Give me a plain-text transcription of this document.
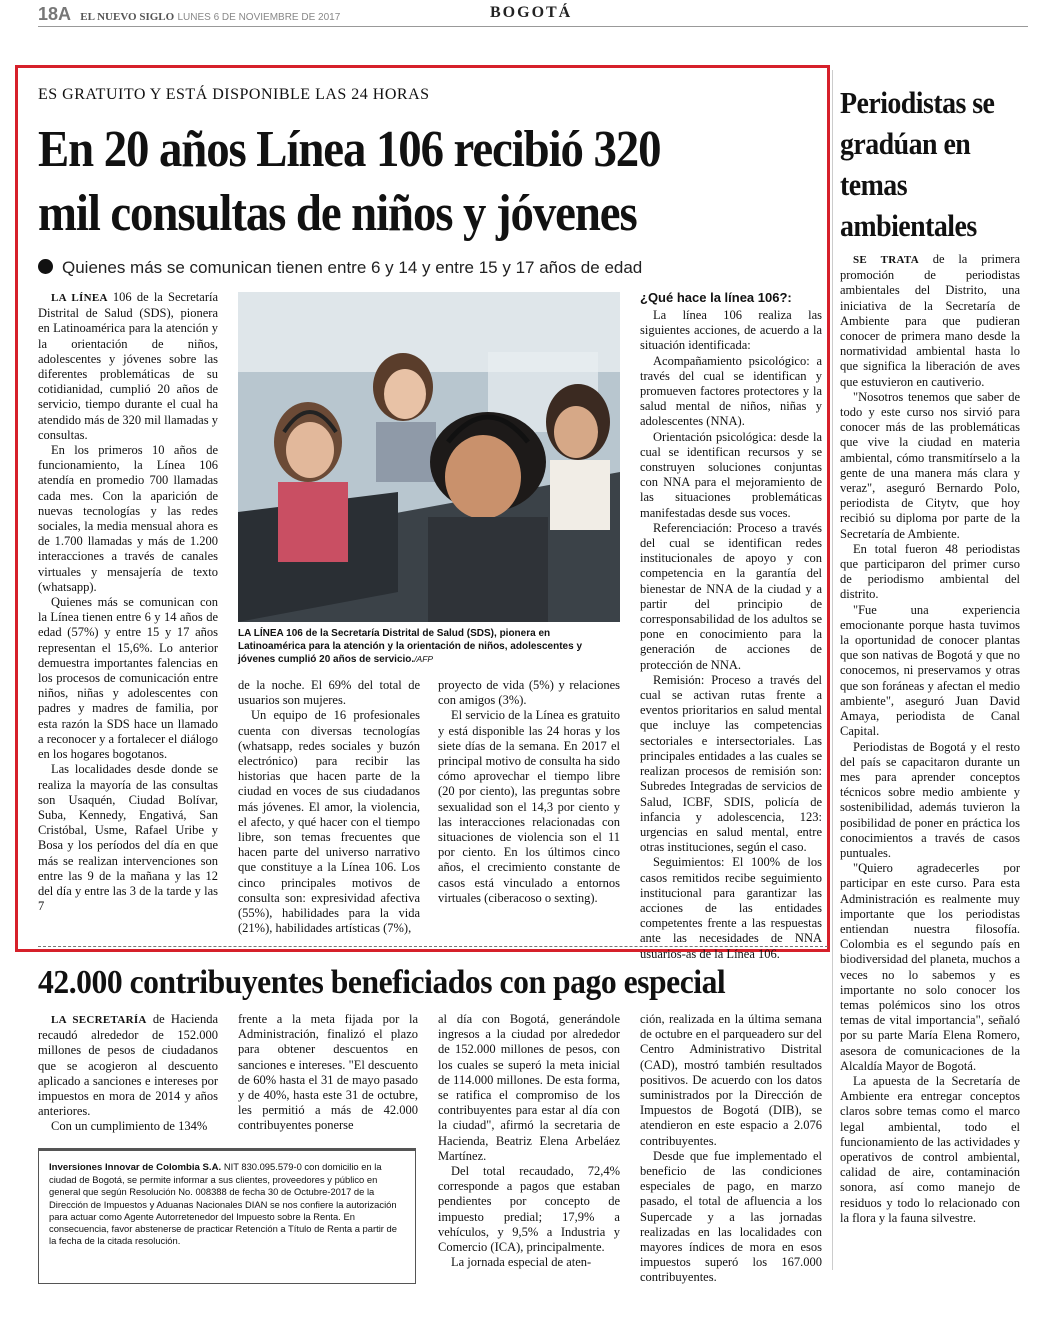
18A EL NUEVO SIGLO LUNES 6 DE NOVIEMBRE DE 2017	BOGOTÁ
ES GRATUITO Y ESTÁ DISPONIBLE LAS 24 HORAS
En 20 años Línea 106 recibió 320
mil consultas de niños y jóvenes
Quienes más se comunican tienen entre 6 y 14 y entre 15 y 17 años de edad

LA LÍNEA 106 de la Secretaría Distrital de Salud (SDS), pionera en Latinoamérica para la atención y la orientación de niños, adolescentes y jóvenes sobre las diferentes problemáticas de su cotidianidad, cumplió 20 años de servicio, tiempo durante el cual ha atendido más de 320 mil llamadas y consultas.

En los primeros 10 años de funcionamiento, la Línea 106 atendía en promedio 700 llamadas cada mes. Con la aparición de nuevas tecnologías y las redes sociales, la media mensual ahora es de 1.700 llamadas y más de 1.200 interacciones a través de canales virtuales y mensajería de texto (whatsapp).

Quienes más se comunican con la Línea tienen entre 6 y 14 años de edad (57%) y entre 15 y 17 años representan el 15,6%. Lo anterior demuestra importantes falencias en los procesos de comunicación entre niños, niñas y adolescentes con padres y madres de familia, por esta razón la SDS hace un llamado a reconocer y a fortalecer el diálogo en los hogares bogotanos.

Las localidades desde donde se realiza la mayoría de las consultas son Usaquén, Ciudad Bolívar, Suba, Kennedy, Engativá, San Cristóbal, Usme, Rafael Uribe y Bosa y los períodos del día en que más se realizan intervenciones son entre las 9 de la mañana y las 12 del día y entre las 3 de la tarde y las 7

LA LÍNEA 106 de la Secretaría Distrital de Salud (SDS), pionera en Latinoamérica para la atención y la orientación de niños, adolescentes y jóvenes cumplió 20 años de servicio./AFP

de la noche. El 69% del total de usuarios son mujeres.

Un equipo de 16 profesionales cuenta con diversas tecnologías (whatsapp, redes sociales y buzón electrónico) para recibir las historias que hacen parte de la ciudad en voces de sus ciudadanos más jóvenes. El amor, la violencia, el afecto, y qué hacer con el tiempo libre, son temas frecuentes que hacen parte del universo narrativo que constituye a la Línea 106. Los cinco principales motivos de consulta son: expresividad afectiva (55%), habilidades para la vida (21%), habilidades artísticas (7%),

proyecto de vida (5%) y relaciones con amigos (3%).

El servicio de la Línea es gratuito y está disponible las 24 horas y los siete días de la semana. En 2017 el principal motivo de consulta ha sido cómo aprovechar el tiempo libre (20 por ciento), las preguntas sobre sexualidad son el 14,3 por ciento y las interacciones relacionadas con situaciones de violencia son el 11 por ciento. En los últimos cinco años, el crecimiento constante de casos está vinculado a entornos virtuales (ciberacoso o sexting).

¿Qué hace la línea 106?:

La línea 106 realiza las siguientes acciones, de acuerdo a la situación identificada:

Acompañamiento psicológico: a través del cual se identifican y promueven factores protectores y la salud mental de niños, niñas y adolescentes (NNA).

Orientación psicológica: desde la cual se identifican recursos y se construyen soluciones conjuntas con NNA para el mejoramiento de las situaciones problemáticas manifestadas desde sus voces.

Referenciación: Proceso a través del cual se identifican redes institucionales de apoyo y con competencia en la garantía del bienestar de NNA de la ciudad y a partir del principio de corresponsabilidad de los adultos se pone en conocimiento para la generación de acciones de protección de NNA.

Remisión: Proceso a través del cual se activan rutas frente a eventos prioritarios en salud mental que incluye las competencias sectoriales e intersectoriales. Las principales entidades a las cuales se realizan procesos de remisión son: Subredes Integradas de servicios de Salud, ICBF, SDIS, policía de infancia y adolescencia, 123: urgencias en salud mental, entre otras instituciones, según el caso.

Seguimientos: El 100% de los casos remitidos recibe seguimiento institucional para garantizar las acciones de las entidades competentes frente a las respuestas ante las necesidades de NNA usuarios-as de la Línea 106.

42.000 contribuyentes beneficiados con pago especial

LA SECRETARÍA de Hacienda recaudó alrededor de 152.000 millones de pesos de ciudadanos que se acogieron al descuento aplicado a sanciones e intereses por impuestos en mora de 2014 y años anteriores.

Con un cumplimiento de 134%

frente a la meta fijada por la Administración, finalizó el plazo para obtener descuentos en sanciones e intereses. "El descuento de 60% hasta el 31 de mayo pasado y de 40%, hasta este 31 de octubre, les permitió a más de 42.000 contribuyentes ponerse

al día con Bogotá, generándole ingresos a la ciudad por alrededor de 152.000 millones de pesos, con los cuales se superó la meta inicial de 114.000 millones. De esta forma, se ratifica el compromiso de los contribuyentes para estar al día con la ciudad", afirmó la secretaria de Hacienda, Beatriz Elena Arbeláez Martínez.

Del total recaudado, 72,4% corresponde a pagos que estaban pendientes por concepto de impuesto predial; 17,9% a vehículos, y 9,5% a Industria y Comercio (ICA), principalmente.

La jornada especial de aten-

ción, realizada en la última semana de octubre en el parqueadero sur del Centro Administrativo Distrital (CAD), mostró también resultados positivos. De acuerdo con los datos suministrados por la Dirección de Impuestos de Bogotá (DIB), se atendieron en este espacio a 2.076 contribuyentes.

Desde que fue implementado el beneficio de las condiciones especiales de pago, en marzo pasado, el total de afluencia a los Supercade y a las jornadas realizadas en las localidades con mayores índices de mora en esos impuestos superó los 167.000 contribuyentes.

Inversiones Innovar de Colombia S.A. NIT 830.095.579-0 con domicilio en la ciudad de Bogotá, se permite informar a sus clientes, proveedores y público en general que según Resolución No. 008388 de fecha 30 de Octubre-2017 de la Dirección de Impuestos y Aduanas Nacionales DIAN se nos confiere la autorización para actuar como Agente Autorretenedor del Impuesto sobre la Renta. En consecuencia, favor abstenerse de practicar Retención a Título de Renta a partir de la fecha de la citada resolución.
Periodistas se gradúan en temas ambientales

SE TRATA de la primera promoción de periodistas ambientales del Distrito, una iniciativa de la Secretaría de Ambiente para que pudieran conocer de primera mano desde la normatividad ambiental hasta lo que significa la liberación de aves que estuvieron en cautiverio.

"Nosotros tenemos que saber de todo y este curso nos sirvió para conocer más de las problemáticas que vive la ciudad en materia ambiental, cómo transmitírselo a la gente de una manera más clara y veraz", aseguró Bernardo Polo, periodista de Citytv, que hoy recibió su diploma por parte de la Secretaría de Ambiente.

En total fueron 48 periodistas que participaron del primer curso de periodismo ambiental del distrito.

"Fue una experiencia emocionante porque hasta tuvimos la oportunidad de conocer plantas que son nativas de Bogotá y que no conocemos, ni preservamos y otras que son foráneas y afectan el medio ambiente", aseguró Juan David Amaya, periodista de Canal Capital.

Periodistas de Bogotá y el resto del país se capacitaron durante un mes para aprender conceptos técnicos sobre medio ambiente y sostenibilidad, además tuvieron la posibilidad de poner en práctica los conocimientos a través de casos puntuales.

"Quiero agradecerles por participar en este curso. Para esta Administración es realmente muy importante que los periodistas entiendan nuestra filosofía. Colombia es el segundo país en biodiversidad del planeta, muchos a veces no lo sabemos y es importante no solo conocer los temas polémicos sino los otros temas de vital importancia", señaló por su parte María Elena Romero, asesora de comunicaciones de la Alcaldía Mayor de Bogotá.

La apuesta de la Secretaría de Ambiente era entregar conceptos claros sobre temas como el marco legal ambiental, todo el funcionamiento de las actividades y operativos de control ambiental, calidad de aire, contaminación sonora, así como manejo de residuos y todo lo relacionado con la flora y la fauna silvestre.
